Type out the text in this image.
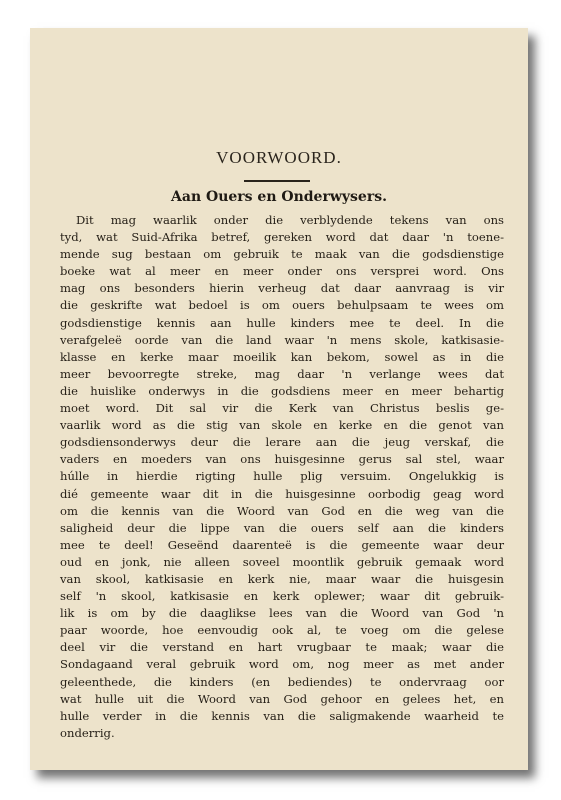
VOORWOORD.
Aan Ouers en Onderwysers.
Dit mag waarlik onder die verblydende tekens van ons
tyd, wat Suid-Afrika betref, gereken word dat daar 'n toene-
mende sug bestaan om gebruik te maak van die godsdienstige
boeke wat al meer en meer onder ons versprei word. Ons
mag ons besonders hierin verheug dat daar aanvraag is vir
die geskrifte wat bedoel is om ouers behulpsaam te wees om
godsdienstige kennis aan hulle kinders mee te deel. In die
verafgeleë oorde van die land waar 'n mens skole, katkisasie-
klasse en kerke maar moeilik kan bekom, sowel as in die
meer bevoorregte streke, mag daar 'n verlange wees dat
die huislike onderwys in die godsdiens meer en meer behartig
moet word. Dit sal vir die Kerk van Christus beslis ge-
vaarlik word as die stig van skole en kerke en die genot van
godsdiensonderwys deur die lerare aan die jeug verskaf, die
vaders en moeders van ons huisgesinne gerus sal stel, waar
húlle in hierdie rigting hulle plig versuim. Ongelukkig is
dié gemeente waar dit in die huisgesinne oorbodig geag word
om die kennis van die Woord van God en die weg van die
saligheid deur die lippe van die ouers self aan die kinders
mee te deel! Geseënd daarenteë is die gemeente waar deur
oud en jonk, nie alleen soveel moontlik gebruik gemaak word
van skool, katkisasie en kerk nie, maar waar die huisgesin
self 'n skool, katkisasie en kerk oplewer; waar dit gebruik-
lik is om by die daaglikse lees van die Woord van God 'n
paar woorde, hoe eenvoudig ook al, te voeg om die gelese
deel vir die verstand en hart vrugbaar te maak; waar die
Sondagaand veral gebruik word om, nog meer as met ander
geleenthede, die kinders (en bediendes) te ondervraag oor
wat hulle uit die Woord van God gehoor en gelees het, en
hulle verder in die kennis van die saligmakende waarheid te
onderrig.
